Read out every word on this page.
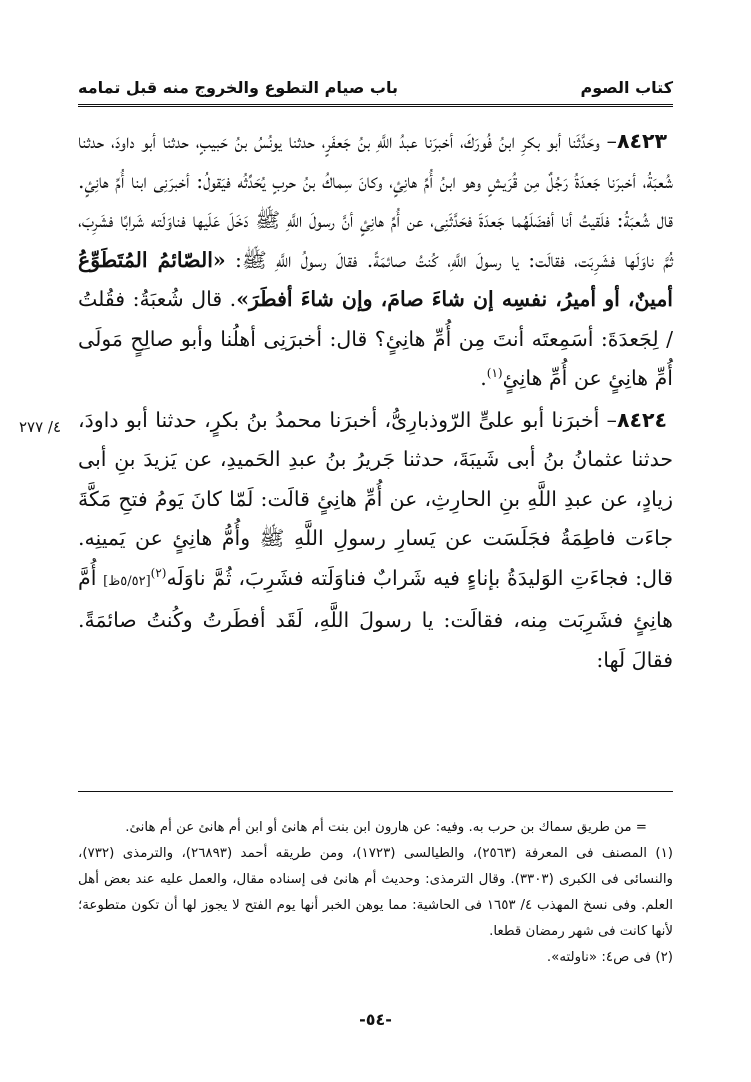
كتاب الصوم
باب صيام التطوع والخروج منه قبل تمامه

٨٤٢٣– وحَدَّثَنا أبو بكرِ ابنُ فُورَكَ، أخبرَنا عبدُ اللَّهِ بنُ جَعفَرٍ، حدثنا يونُسُ بنُ حَبيبٍ، حدثنا أبو داودَ، حدثنا شُعبَةُ، أخبرَنا جَعدَةُ رَجُلٌ مِن قُرَيشٍ وهو ابنُ أُمِّ هانِئٍ، وكانَ سِماكُ بنُ حربٍ يُحَدِّثُه فيَقولُ: أخبرَنِى ابنا أُمِّ هانِئٍ. قال شُعبَةُ: فلَقيتُ أنا أفضَلَهُما جَعدَةَ فحَدَّثَنِى، عن أُمِّ هانِئٍ أنَّ رسولَ اللَّهِ ﷺ دَخَلَ عَلَيها فناوَلَته شَرابًا فشَرِبَ، ثُمَّ ناوَلَها فشَرِبَت، فقالَت: يا رسولَ اللَّهِ، كُنتُ صائمَةً. فقالَ رسولُ اللَّهِ ﷺ: «الصّائمُ المُتَطَوِّعُ أمينٌ، أو أميرُ، نفسِه إن شاءَ صامَ، وإن شاءَ أفطَرَ». قال شُعبَةُ: فقُلتُ / لِجَعدَةَ: أسَمِعتَه أنتَ مِن أُمِّ هانِئٍ؟ قال: أخبرَنِى أهلُنا وأبو صالِحٍ مَولَى أُمِّ هانِئٍ عن أُمِّ هانِئٍ$^{(١)}$.

٨٤٢٤– أخبرَنا أبو علىٍّ الرّوذبارِىُّ، أخبرَنا محمدُ بنُ بكرٍ، حدثنا أبو داودَ، حدثنا عثمانُ بنُ أبى شَيبَةَ، حدثنا جَريرُ بنُ عبدِ الحَميدِ، عن يَزيدَ بنِ أبى زيادٍ، عن عبدِ اللَّهِ بنِ الحارِثِ، عن أُمِّ هانِئٍ قالَت: لَمّا كانَ يَومُ فتحِ مَكَّةَ جاءَت فاطِمَةُ فجَلَسَت عن يَسارِ رسولِ اللَّهِ ﷺ وأُمُّ هانِئٍ عن يَمينِه. قال: فجاءَتِ الوَليدَةُ بإناءٍ فيه شَرابٌ فناوَلَته فشَرِبَ، ثُمَّ ناوَلَه$^{(٢)}$[٥/٥٢ظ] أُمَّ هانِئٍ فشَرِبَت مِنه، فقالَت: يا رسولَ اللَّهِ، لَقَد أفطَرتُ وكُنتُ صائمَةً. فقالَ لَها:

٤/ ٢٧٧

= من طريق سماك بن حرب به. وفيه: عن هارون ابن بنت أم هانئ أو ابن أم هانئ عن أم هانئ.

(١) المصنف فى المعرفة (٢٥٦٣)، والطيالسى (١٧٢٣)، ومن طريقه أحمد (٢٦٨٩٣)، والترمذى (٧٣٢)، والنسائى فى الكبرى (٣٣٠٣). وقال الترمذى: وحديث أم هانئ فى إسناده مقال، والعمل عليه عند بعض أهل العلم. وفى نسخ المهذب ٤/ ١٦٥٣ فى الحاشية: مما يوهن الخبر أنها يوم الفتح لا يجوز لها أن تكون متطوعة؛ لأنها كانت فى شهر رمضان قطعا.

(٢) فى ص٤: «ناولته».

-٥٤-
